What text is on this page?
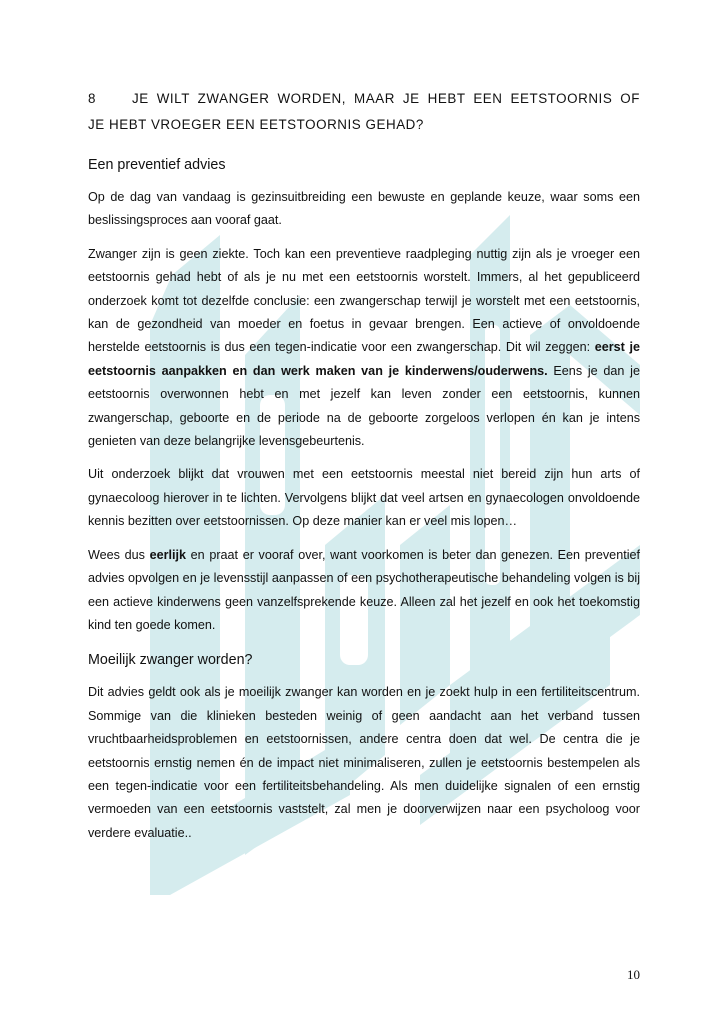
8	JE WILT ZWANGER WORDEN, MAAR JE HEBT EEN EETSTOORNIS OF
JE HEBT VROEGER EEN EETSTOORNIS GEHAD?
Een preventief advies

Op de dag van vandaag is gezinsuitbreiding een bewuste en geplande keuze, waar soms een beslissingsproces aan vooraf gaat.

Zwanger zijn is geen ziekte. Toch kan een preventieve raadpleging nuttig zijn als je vroeger een eetstoornis gehad hebt of als je nu met een eetstoornis worstelt. Immers, al het gepubliceerd onderzoek komt tot dezelfde conclusie: een zwangerschap terwijl je worstelt met een eetstoornis, kan de gezondheid van moeder en foetus in gevaar brengen. Een actieve of onvoldoende herstelde eetstoornis is dus een tegen-indicatie voor een zwangerschap. Dit wil zeggen: eerst je eetstoornis aanpakken en dan werk maken van je kinderwens/ouderwens. Eens je dan je eetstoornis overwonnen hebt en met jezelf kan leven zonder een eetstoornis, kunnen zwangerschap, geboorte en de periode na de geboorte zorgeloos verlopen én kan je intens genieten van deze belangrijke levensgebeurtenis.

Uit onderzoek blijkt dat vrouwen met een eetstoornis meestal niet bereid zijn hun arts of gynaecoloog hierover in te lichten. Vervolgens blijkt dat veel artsen en gynaecologen onvoldoende kennis bezitten over eetstoornissen. Op deze manier kan er veel mis lopen…

Wees dus eerlijk en praat er vooraf over, want voorkomen is beter dan genezen. Een preventief advies opvolgen en je levensstijl aanpassen of een psychotherapeutische behandeling volgen is bij een actieve kinderwens geen vanzelfsprekende keuze. Alleen zal het jezelf en ook het toekomstig kind ten goede komen.

Moeilijk zwanger worden?

Dit advies geldt ook als je moeilijk zwanger kan worden en je zoekt hulp in een fertiliteitscentrum. Sommige van die klinieken besteden weinig of geen aandacht aan het verband tussen vruchtbaarheidsproblemen en eetstoornissen, andere centra doen dat wel. De centra die je eetstoornis ernstig nemen én de impact niet minimaliseren, zullen je eetstoornis bestempelen als een tegen-indicatie voor een fertiliteitsbehandeling. Als men duidelijke signalen of een ernstig vermoeden van een eetstoornis vaststelt, zal men je doorverwijzen naar een psycholoog voor verdere evaluatie..

10
